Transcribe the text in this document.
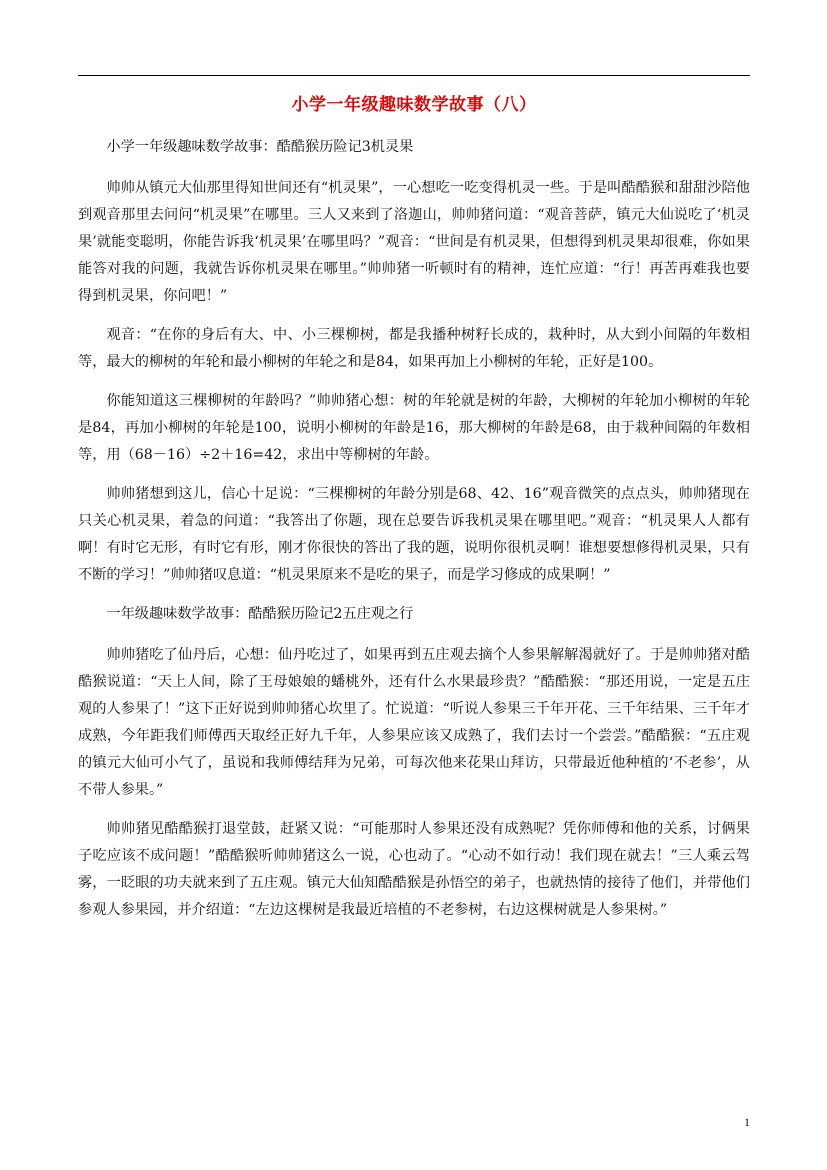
小学一年级趣味数学故事（八）

小学一年级趣味数学故事：酷酷猴历险记3机灵果

帅帅从镇元大仙那里得知世间还有“机灵果”，一心想吃一吃变得机灵一些。于是叫酷酷猴和甜甜沙陪他到观音那里去问问“机灵果”在哪里。三人又来到了洛迦山，帅帅猪问道：“观音菩萨，镇元大仙说吃了‘机灵果’就能变聪明，你能告诉我‘机灵果’在哪里吗？”观音：“世间是有机灵果，但想得到机灵果却很难，你如果能答对我的问题，我就告诉你机灵果在哪里。”帅帅猪一听顿时有的精神，连忙应道：“行！再苦再难我也要得到机灵果，你问吧！”

观音：“在你的身后有大、中、小三棵柳树，都是我播种树籽长成的，栽种时，从大到小间隔的年数相等，最大的柳树的年轮和最小柳树的年轮之和是84，如果再加上小柳树的年轮，正好是100。

你能知道这三棵柳树的年龄吗？”帅帅猪心想：树的年轮就是树的年龄，大柳树的年轮加小柳树的年轮是84，再加小柳树的年轮是100，说明小柳树的年龄是16，那大柳树的年龄是68，由于栽种间隔的年数相等，用（68－16）÷2＋16=42，求出中等柳树的年龄。

帅帅猪想到这儿，信心十足说：“三棵柳树的年龄分别是68、42、16”观音微笑的点点头，帅帅猪现在只关心机灵果，着急的问道：“我答出了你题，现在总要告诉我机灵果在哪里吧。”观音：“机灵果人人都有啊！有时它无形，有时它有形，刚才你很快的答出了我的题，说明你很机灵啊！谁想要想修得机灵果，只有不断的学习！”帅帅猪叹息道：“机灵果原来不是吃的果子，而是学习修成的成果啊！”

一年级趣味数学故事：酷酷猴历险记2五庄观之行

帅帅猪吃了仙丹后，心想：仙丹吃过了，如果再到五庄观去摘个人参果解解渴就好了。于是帅帅猪对酷酷猴说道：“天上人间，除了王母娘娘的蟠桃外，还有什么水果最珍贵？”酷酷猴：“那还用说，一定是五庄观的人参果了！”这下正好说到帅帅猪心坎里了。忙说道：“听说人参果三千年开花、三千年结果、三千年才成熟，今年距我们师傅西天取经正好九千年，人参果应该又成熟了，我们去讨一个尝尝。”酷酷猴：“五庄观的镇元大仙可小气了，虽说和我师傅结拜为兄弟，可每次他来花果山拜访，只带最近他种植的‘不老参’，从不带人参果。”

帅帅猪见酷酷猴打退堂鼓，赶紧又说：“可能那时人参果还没有成熟呢？凭你师傅和他的关系，讨俩果子吃应该不成问题！”酷酷猴听帅帅猪这么一说，心也动了。“心动不如行动！我们现在就去！”三人乘云驾雾，一眨眼的功夫就来到了五庄观。镇元大仙知酷酷猴是孙悟空的弟子，也就热情的接待了他们，并带他们参观人参果园，并介绍道：“左边这棵树是我最近培植的不老参树，右边这棵树就是人参果树。”

1
